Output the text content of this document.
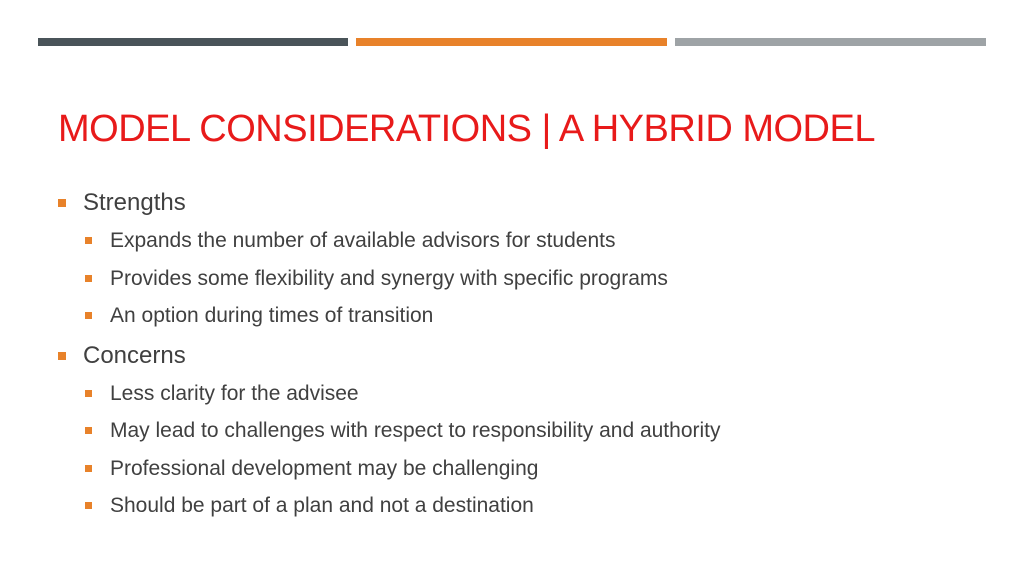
MODEL CONSIDERATIONS | A HYBRID MODEL
Strengths
Expands the number of available advisors for students
Provides some flexibility and synergy with specific programs
An option during times of transition
Concerns
Less clarity for the advisee
May lead to challenges with respect to responsibility and authority
Professional development may be challenging
Should be part of a plan and not a destination
